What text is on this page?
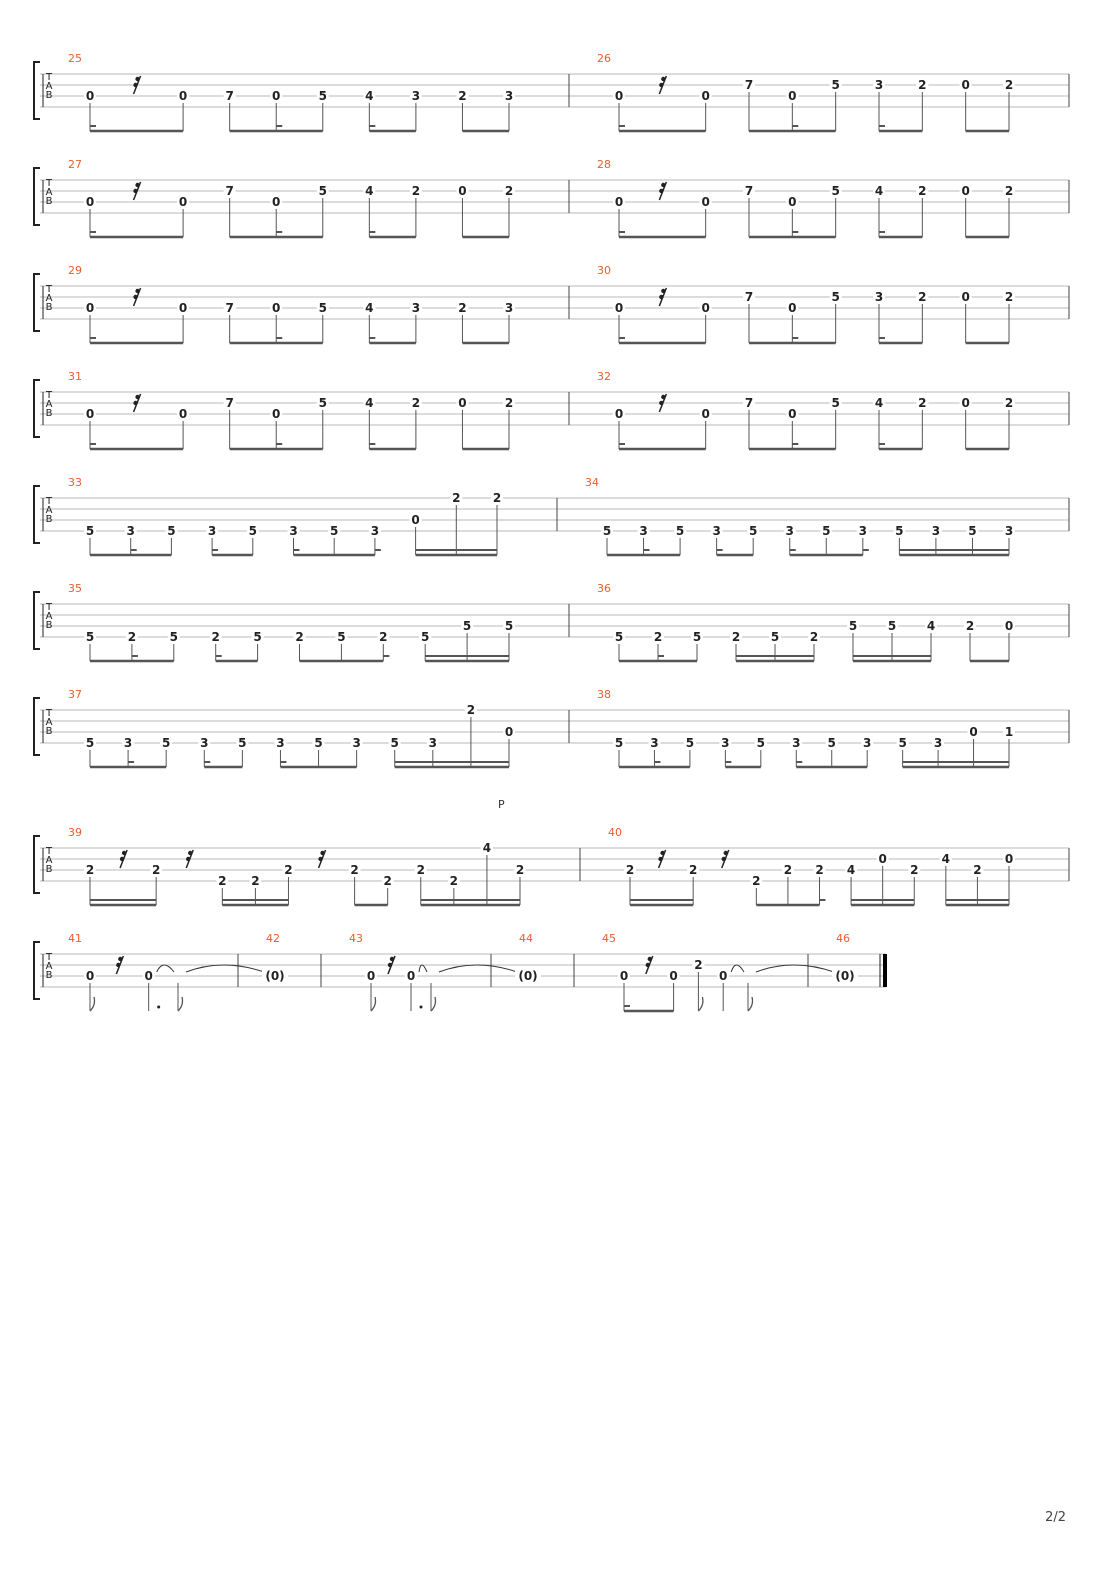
T
A
B
25
0	0	7	0	5	4	3	2	3
26
0	0
7
0
5	3	2	0	2
T
A
B
27
0	0
7
0
5	4	2	0	2
28
0	0
7
0
5	4	2	0	2
T
A
B
29
0	0	7	0	5	4	3	2	3
30
0	0
7
0
5	3	2	0	2
T
A
B
31
0	0
7
0
5	4	2	0	2
32
0	0
7
0
5	4	2	0	2
T
A
B
33
5	3	5	3	5	3	5	3
0
2	2
34
5 3 5 3 5 3 5 3 5 3 5 3
T
A
B
35
5	2	5	2	5	2	5	2	5
5	5
36
5	2	5	2	5	2
5	5	4	2	0
T
A
B
37
5 3 5 3 5 3 5 3 5 3
2
0
38
5 3 5 3 5 3 5 3 5 3
0 1
T
A
B
39
2	2
2 2
2	2
2
2
2
4
2
40
2	2
2
2 2 4
0
2
4
2
0
T
A
B
41
0	0
42
(0)
43
0	0
44
(0)
45
0	0
2
0
46
(0)
P
2/2
